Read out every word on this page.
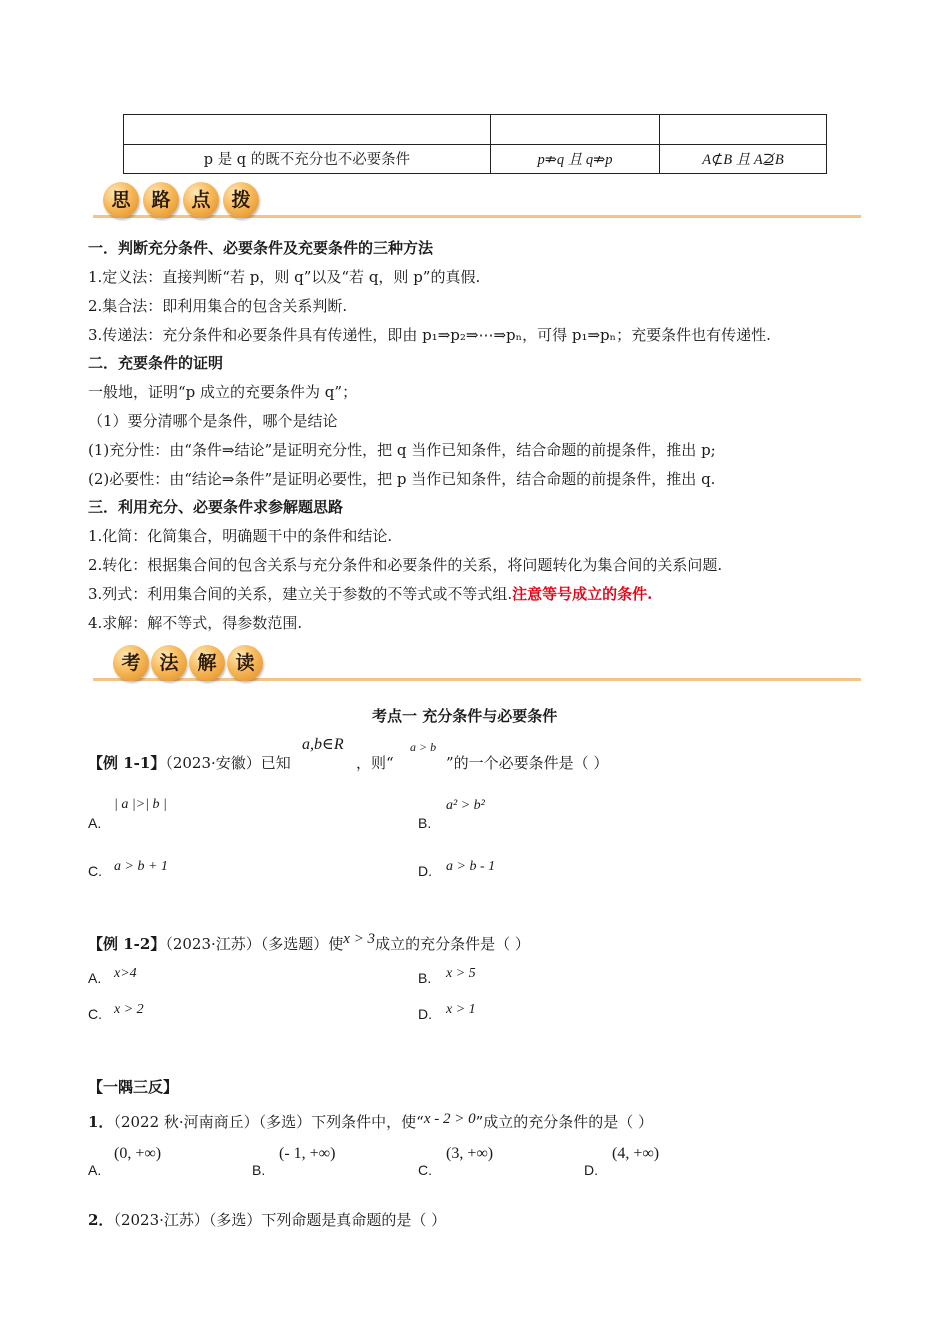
p 是 q 的既不充分也不必要条件	p⇏q 且 q⇏p	A⊄B 且 A⊉B
思	路	点	拨
一．判断充分条件、必要条件及充要条件的三种方法
1.定义法：直接判断“若 p，则 q”以及“若 q，则 p”的真假.
2.集合法：即利用集合的包含关系判断.
3.传递法：充分条件和必要条件具有传递性，即由 p₁⇒p₂⇒⋯⇒pₙ，可得 p₁⇒pₙ；充要条件也有传递性.
二．充要条件的证明
一般地，证明“p 成立的充要条件为 q”；
（1）要分清哪个是条件，哪个是结论
(1)充分性：由“条件⇒结论”是证明充分性，把 q 当作已知条件，结合命题的前提条件，推出 p;
(2)必要性：由“结论⇒条件”是证明必要性，把 p 当作已知条件，结合命题的前提条件，推出 q.
三．利用充分、必要条件求参解题思路
1.化简：化简集合，明确题干中的条件和结论.
2.转化：根据集合间的包含关系与充分条件和必要条件的关系，将问题转化为集合间的关系问题.
3.列式：利用集合间的关系，建立关于参数的不等式或不等式组.注意等号成立的条件.
4.求解：解不等式，得参数范围.
考 法 解 读
考点一 充分条件与必要条件
【例 1-1】（2023·安徽）已知
a,b∈R
，则“
a > b
”的一个必要条件是（ ）
A.
| a |>| b |
B.
a² > b²
C. a > b + 1	D. a > b - 1
【例 1-2】（2023·江苏）（多选题）使x > 3成立的充分条件是（ ）
A. x>4	B. x > 5
C. x > 2	D. x > 1
【一隅三反】
1．（2022 秋·河南商丘）（多选）下列条件中，使“x - 2 > 0”成立的充分条件的是（ ）
A.
(0, +∞)
B.
(- 1, +∞)
C.
(3, +∞)
D.
(4, +∞)
2．（2023·江苏）（多选）下列命题是真命题的是（ ）
